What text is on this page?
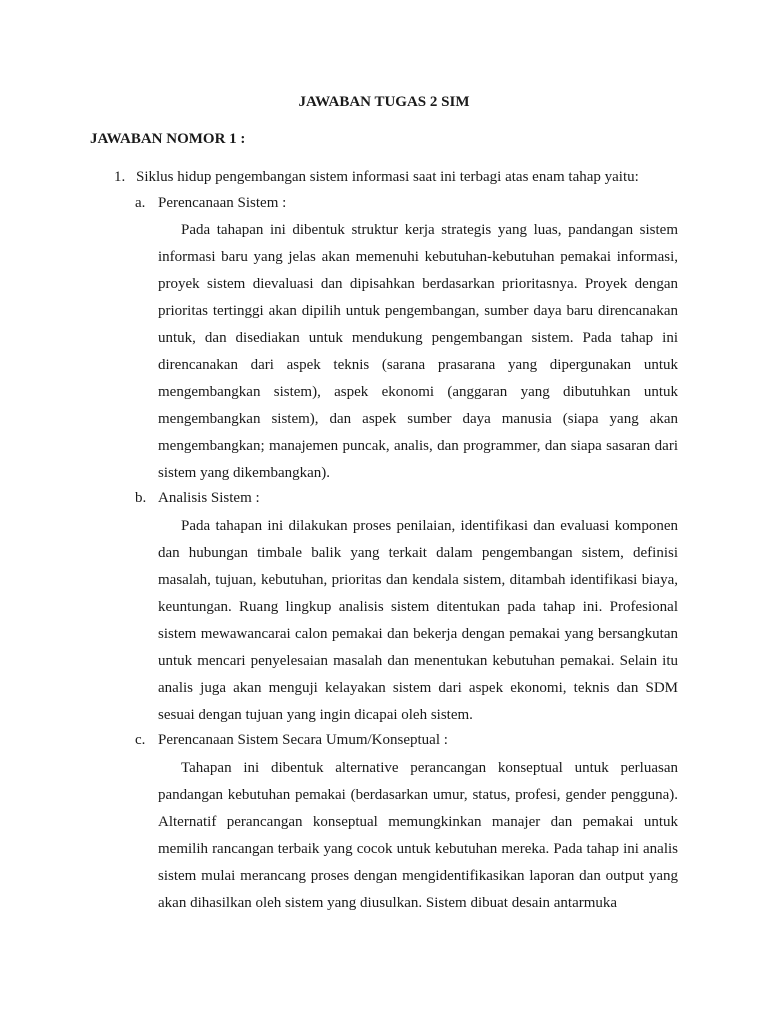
JAWABAN TUGAS 2 SIM
JAWABAN NOMOR 1 :
1. Siklus hidup pengembangan sistem informasi saat ini terbagi atas enam tahap yaitu:
a. Perencanaan Sistem :

Pada tahapan ini dibentuk struktur kerja strategis yang luas, pandangan sistem informasi baru yang jelas akan memenuhi kebutuhan-kebutuhan pemakai informasi, proyek sistem dievaluasi dan dipisahkan berdasarkan prioritasnya. Proyek dengan prioritas tertinggi akan dipilih untuk pengembangan, sumber daya baru direncanakan untuk, dan disediakan untuk mendukung pengembangan sistem. Pada tahap ini direncanakan dari aspek teknis (sarana prasarana yang dipergunakan untuk mengembangkan sistem), aspek ekonomi (anggaran yang dibutuhkan untuk mengembangkan sistem), dan aspek sumber daya manusia (siapa yang akan mengembangkan; manajemen puncak, analis, dan programmer, dan siapa sasaran dari sistem yang dikembangkan).

b. Analisis Sistem :

Pada tahapan ini dilakukan proses penilaian, identifikasi dan evaluasi komponen dan hubungan timbale balik yang terkait dalam pengembangan sistem, definisi masalah, tujuan, kebutuhan, prioritas dan kendala sistem, ditambah identifikasi biaya, keuntungan. Ruang lingkup analisis sistem ditentukan pada tahap ini. Profesional sistem mewawancarai calon pemakai dan bekerja dengan pemakai yang bersangkutan untuk mencari penyelesaian masalah dan menentukan kebutuhan pemakai. Selain itu analis juga akan menguji kelayakan sistem dari aspek ekonomi, teknis dan SDM sesuai dengan tujuan yang ingin dicapai oleh sistem.

c. Perencanaan Sistem Secara Umum/Konseptual :

Tahapan ini dibentuk alternative perancangan konseptual untuk perluasan pandangan kebutuhan pemakai (berdasarkan umur, status, profesi, gender pengguna). Alternatif perancangan konseptual memungkinkan manajer dan pemakai untuk memilih rancangan terbaik yang cocok untuk kebutuhan mereka. Pada tahap ini analis sistem mulai merancang proses dengan mengidentifikasikan laporan dan output yang akan dihasilkan oleh sistem yang diusulkan. Sistem dibuat desain antarmuka
